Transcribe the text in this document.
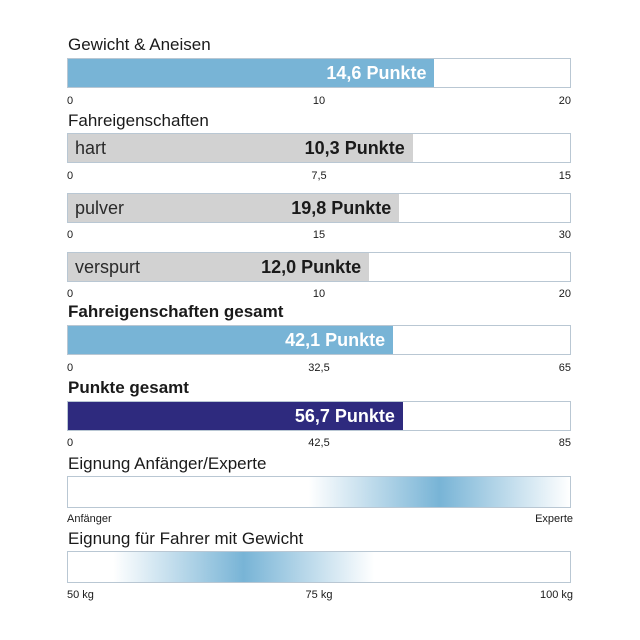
Gewicht & Aneisen
14,6 Punkte
0	10	20
Fahreigenschaften
hart	10,3 Punkte
0	7,5	15
pulver	19,8 Punkte
0	15	30
verspurt	12,0 Punkte
0	10	20
Fahreigenschaften gesamt
42,1 Punkte
0	32,5	65
Punkte gesamt
56,7 Punkte
0	42,5	85
Eignung Anfänger/Experte
Anfänger	Experte
Eignung für Fahrer mit Gewicht
50 kg	75 kg	100 kg
